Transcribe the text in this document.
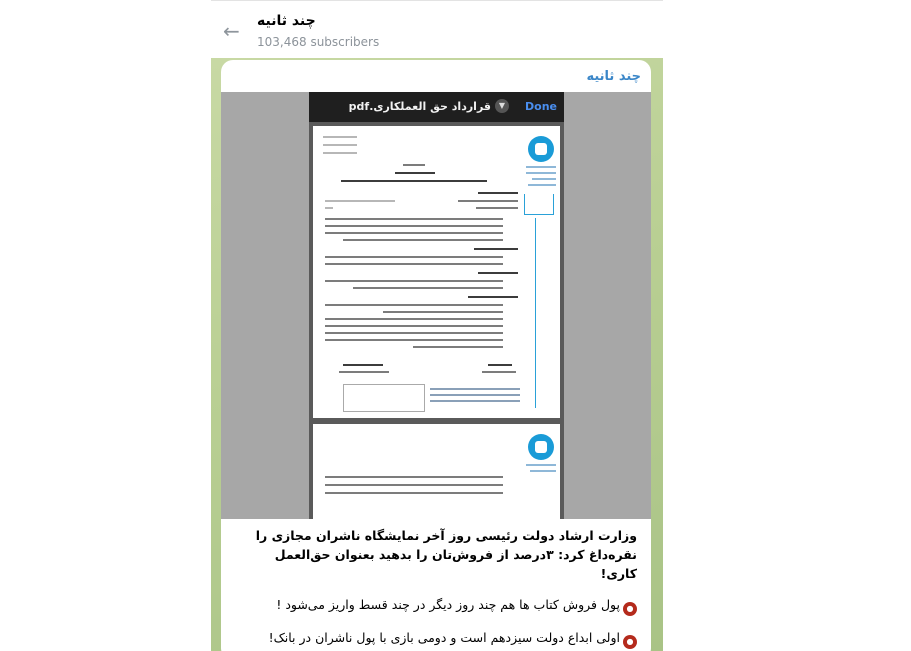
← چند ثانیه
103,468 subscribers
چند ثانیه
Done
▼
قرارداد حق العملکاری.pdf
وزارت ارشاد دولت رئیسی روز آخر نمایشگاه ناشران مجازی را نقره‌داغ کرد: ۳درصد از فروش‌تان را بدهید بعنوان حق‌العمل کاری!

●پول فروش کتاب ها هم چند روز دیگر در چند قسط واریز می‌شود !

●اولی ابداع دولت سیزدهم است و دومی بازی با پول ناشران در بانک!
